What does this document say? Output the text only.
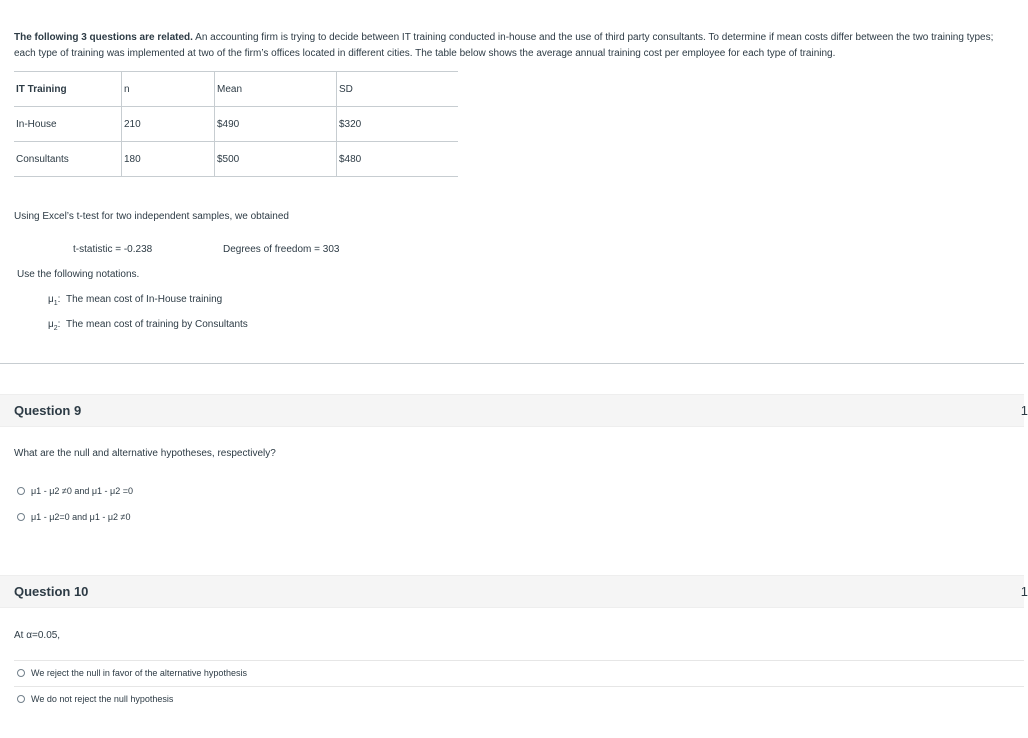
The following 3 questions are related. An accounting firm is trying to decide between IT training conducted in-house and the use of third party consultants. To determine if mean costs differ between the two training types; each type of training was implemented at two of the firm’s offices located in different cities. The table below shows the average annual training cost per employee for each type of training.
IT Training	n	Mean	SD
In-House	210	$490	$320
Consultants	180	$500	$480
Using Excel’s t-test for two independent samples, we obtained
t-statistic = -0.238	Degrees of freedom = 303
Use the following notations.
$\mu_1$:  The mean cost of In-House training
$\mu_2$:  The mean cost of training by Consultants
Question 9	1
What are the null and alternative hypotheses, respectively?
μ1 - μ2 ≠0 and μ1 - μ2 =0
μ1 - μ2=0 and μ1 - μ2 ≠0
Question 10	1
At α=0.05,
We reject the null in favor of the alternative hypothesis
We do not reject the null hypothesis
